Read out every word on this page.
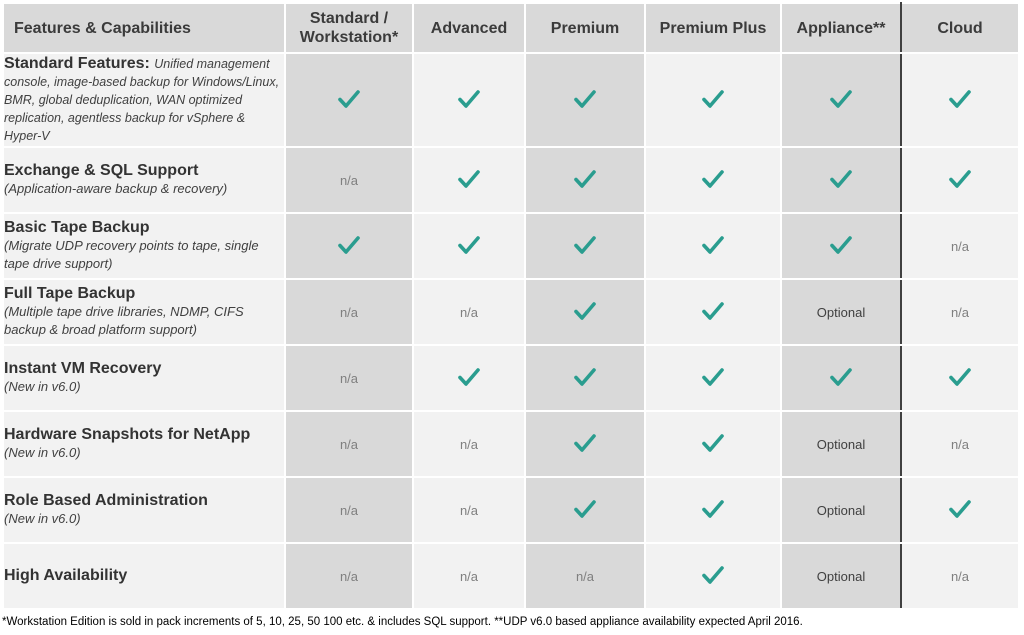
Features & Capabilities	Standard / Workstation*	Advanced	Premium	Premium Plus	Appliance**	Cloud
Standard Features: Unified management console, image-based backup for Windows/Linux, BMR, global deduplication, WAN optimized replication, agentless backup for vSphere & Hyper-V	

Exchange & SQL Support
(Application-aware backup & recovery)	n/a	

Basic Tape Backup
(Migrate UDP recovery points to tape, single tape drive support)						n/a
Full Tape Backup
(Multiple tape drive libraries, NDMP, CIFS backup & broad platform support)	n/a	n/a			Optional	n/a
Instant VM Recovery
(New in v6.0)	n/a	

Hardware Snapshots for NetApp
(New in v6.0)	n/a	n/a			Optional	n/a
Role Based Administration
(New in v6.0)	n/a	n/a			Optional	

High Availability	n/a	n/a	n/a		Optional	n/a
*Workstation Edition is sold in pack increments of 5, 10, 25, 50 100 etc. & includes SQL support. **UDP v6.0 based appliance availability expected April 2016.
